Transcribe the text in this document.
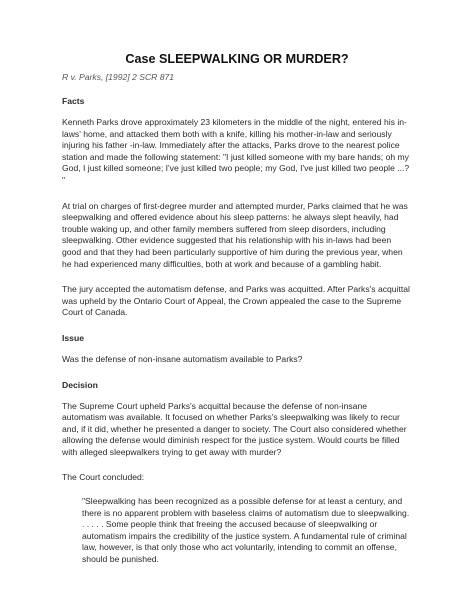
Case SLEEPWALKING OR MURDER?
R v. Parks, [1992] 2 SCR 871
Facts

Kenneth Parks drove approximately 23 kilometers in the middle of the night, entered his in-laws' home, and attacked them both with a knife, killing his mother-in-law and seriously injuring his father -in-law. Immediately after the attacks, Parks drove to the nearest police station and made the following statement: "I just killed someone with my bare hands; oh my God, I just killed someone; I've just killed two people; my God, I've just killed two people ...? "

At trial on charges of first-degree murder and attempted murder, Parks claimed that he was sleepwalking and offered evidence about his sleep patterns: he always slept heavily, had trouble waking up, and other family members suffered from sleep disorders, including sleepwalking. Other evidence suggested that his relationship with his in-laws had been good and that they had been particularly supportive of him during the previous year, when he had experienced many difficulties, both at work and because of a gambling habit.

The jury accepted the automatism defense, and Parks was acquitted. After Parks's acquittal was upheld by the Ontario Court of Appeal, the Crown appealed the case to the Supreme Court of Canada.

Issue

Was the defense of non-insane automatism available to Parks?

Decision

The Supreme Court upheld Parks's acquittal because the defense of non-insane automatism was available. It focused on whether Parks's sleepwalking was likely to recur and, if it did, whether he presented a danger to society. The Court also considered whether allowing the defense would diminish respect for the justice system. Would courts be filled with alleged sleepwalkers trying to get away with murder?

The Court concluded:

"Sleepwalking has been recognized as a possible defense for at least a century, and there is no apparent problem with baseless claims of automatism due to sleepwalking. . . . . . Some people think that freeing the accused because of sleepwalking or automatism impairs the credibility of the justice system. A fundamental rule of criminal law, however, is that only those who act voluntarily, intending to commit an offense, should be punished.
